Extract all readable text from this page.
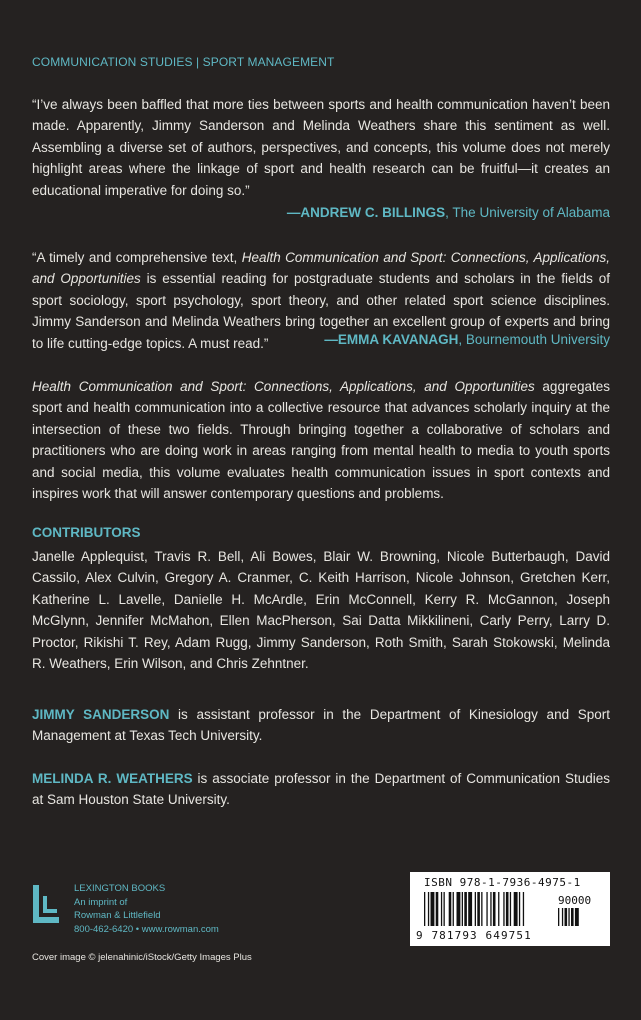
COMMUNICATION STUDIES | SPORT MANAGEMENT
“I’ve always been baffled that more ties between sports and health communication haven’t been made. Apparently, Jimmy Sanderson and Melinda Weathers share this sentiment as well. Assembling a diverse set of authors, perspectives, and concepts, this volume does not merely highlight areas where the linkage of sport and health research can be fruitful—it creates an educational imperative for doing so.”
—ANDREW C. BILLINGS, The University of Alabama
“A timely and comprehensive text, Health Communication and Sport: Connections, Applications, and Opportunities is essential reading for postgraduate students and scholars in the fields of sport sociology, sport psychology, sport theory, and other related sport science disciplines. Jimmy Sanderson and Melinda Weathers bring together an excellent group of experts and bring to life cutting-edge topics. A must read.”	—EMMA KAVANAGH, Bournemouth University
Health Communication and Sport: Connections, Applications, and Opportunities aggregates sport and health communication into a collective resource that advances scholarly inquiry at the intersection of these two fields. Through bringing together a collaborative of scholars and practitioners who are doing work in areas ranging from mental health to media to youth sports and social media, this volume evaluates health communication issues in sport contexts and inspires work that will answer contemporary questions and problems.
CONTRIBUTORS
Janelle Applequist, Travis R. Bell, Ali Bowes, Blair W. Browning, Nicole Butterbaugh, David Cassilo, Alex Culvin, Gregory A. Cranmer, C. Keith Harrison, Nicole Johnson, Gretchen Kerr, Katherine L. Lavelle, Danielle H. McArdle, Erin McConnell, Kerry R. McGannon, Joseph McGlynn, Jennifer McMahon, Ellen MacPherson, Sai Datta Mikkilineni, Carly Perry, Larry D. Proctor, Rikishi T. Rey, Adam Rugg, Jimmy Sanderson, Roth Smith, Sarah Stokowski, Melinda R. Weathers, Erin Wilson, and Chris Zehntner.
JIMMY SANDERSON is assistant professor in the Department of Kinesiology and Sport Management at Texas Tech University.
MELINDA R. WEATHERS is associate professor in the Department of Communication Studies at Sam Houston State University.
LEXINGTON BOOKS
An imprint of
Rowman & Littlefield
800-462-6420 • www.rowman.com
Cover image © jelenahinic/iStock/Getty Images Plus
ISBN 978-1-7936-4975-1
90000
9 781793 649751
